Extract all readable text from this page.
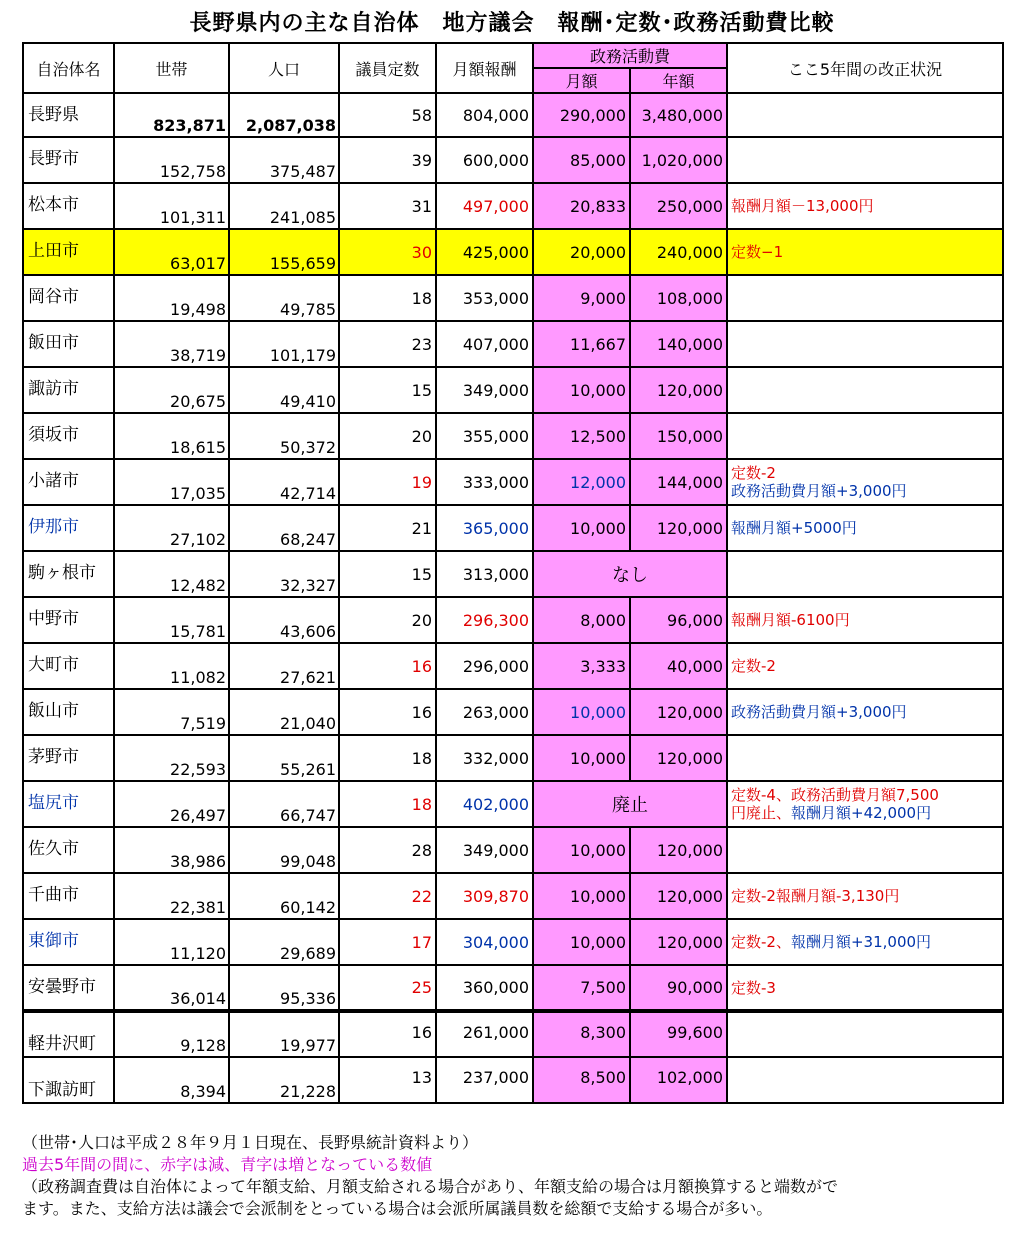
長野県内の主な自治体　地方議会　報酬･定数･政務活動費比較
自治体名	世帯	人口	議員定数	月額報酬	政務活動費		ここ5年間の改正状況
					月額	年額	
長野県	823,871	2,087,038	58	804,000	290,000	3,480,000	
長野市	152,758	375,487	39	600,000	85,000	1,020,000	
松本市	101,311	241,085	31	497,000	20,833	250,000	報酬月額－13,000円
上田市	63,017	155,659	30	425,000	20,000	240,000	定数−1
岡谷市	19,498	49,785	18	353,000	9,000	108,000	
飯田市	38,719	101,179	23	407,000	11,667	140,000	
諏訪市	20,675	49,410	15	349,000	10,000	120,000	
須坂市	18,615	50,372	20	355,000	12,500	150,000	
小諸市	17,035	42,714	19	333,000	12,000	144,000	定数-2
政務活動費月額+3,000円

伊那市	27,102	68,247	21	365,000	10,000	120,000	報酬月額+5000円
駒ヶ根市	12,482	32,327	15	313,000	なし		
中野市	15,781	43,606	20	296,300	8,000	96,000	報酬月額-6100円
大町市	11,082	27,621	16	296,000	3,333	40,000	定数-2
飯山市	7,519	21,040	16	263,000	10,000	120,000	政務活動費月額+3,000円
茅野市	22,593	55,261	18	332,000	10,000	120,000	
塩尻市	26,497	66,747	18	402,000	廃止		定数-4、政務活動費月額7,500
円廃止、報酬月額+42,000円

佐久市	38,986	99,048	28	349,000	10,000	120,000	
千曲市	22,381	60,142	22	309,870	10,000	120,000	定数-2報酬月額-3,130円
東御市	11,120	29,689	17	304,000	10,000	120,000	定数-2、報酬月額+31,000円
安曇野市	36,014	95,336	25	360,000	7,500	90,000	定数-3
軽井沢町	9,128	19,977	16	261,000	8,300	99,600	
下諏訪町	8,394	21,228	13	237,000	8,500	102,000	
（世帯･人口は平成２８年９月１日現在、長野県統計資料より）
過去5年間の間に、赤字は減、青字は増となっている数値
（政務調査費は自治体によって年額支給、月額支給される場合があり、年額支給の場合は月額換算すると端数がで
ます。また、支給方法は議会で会派制をとっている場合は会派所属議員数を総額で支給する場合が多い。
